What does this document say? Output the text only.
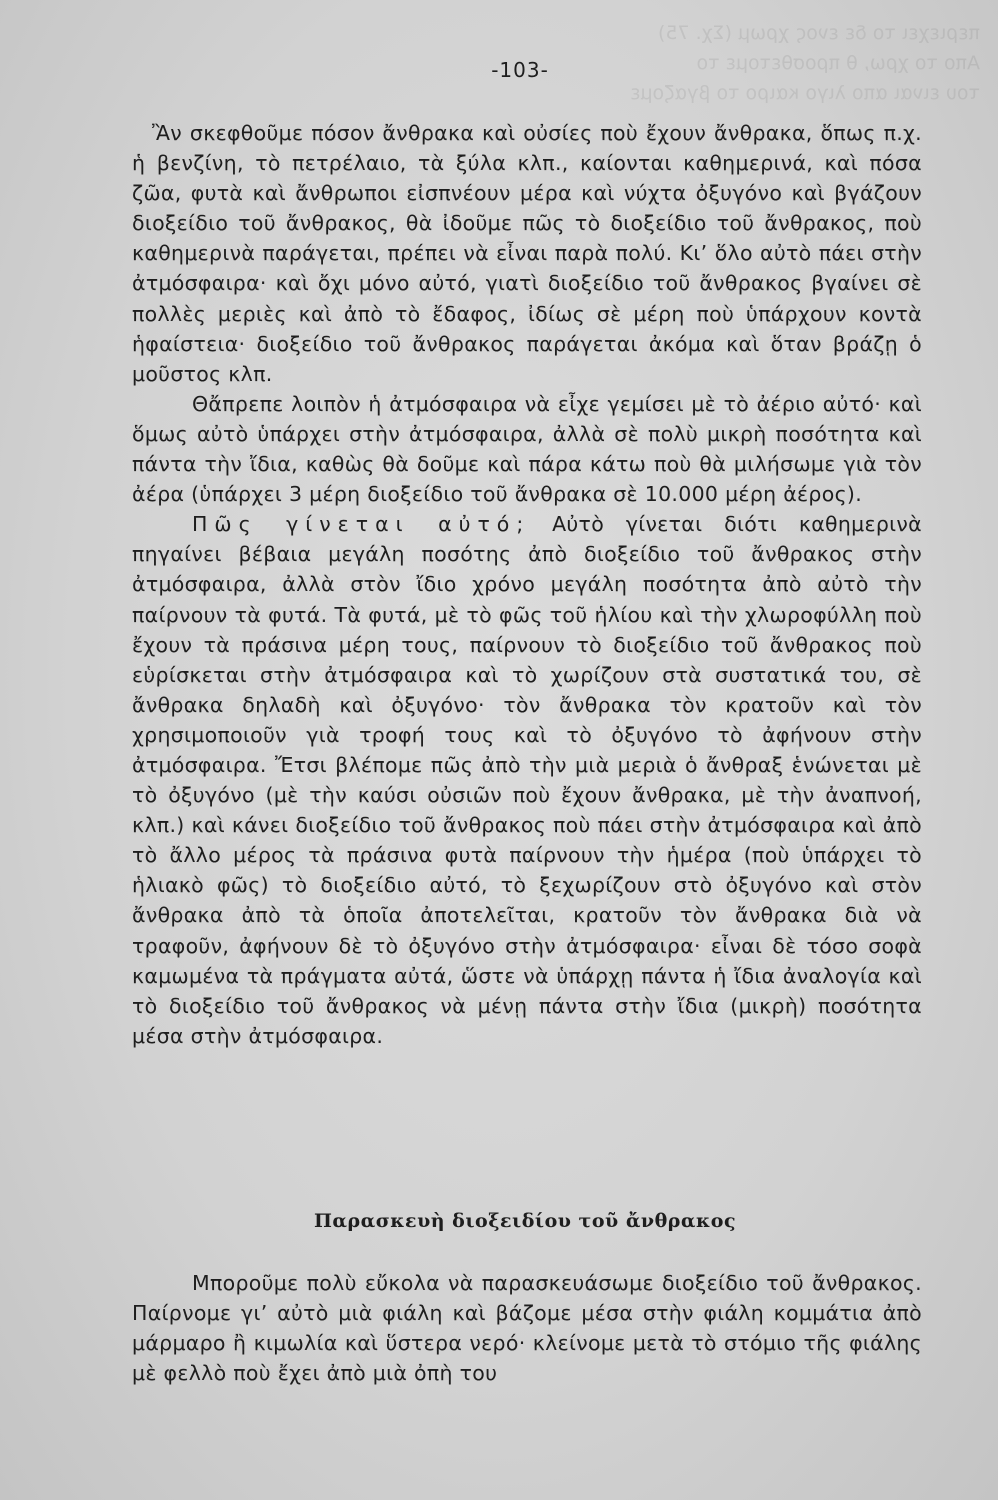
περιεχει το δε ενος χρωμ (Σχ. 75)
Απο το χρω, θ προσθετομε το
του ειναι απο λιγο καιρο το βγαζομε
-103-

Ἂν σκεφθοῦμε πόσον ἄνθρακα καὶ οὐσίες ποὺ ἔχουν ἄνθρακα, ὅπως π.χ. ἡ βενζίνη, τὸ πετρέλαιο, τὰ ξύλα κλπ., καίονται καθημερινά, καὶ πόσα ζῶα, φυτὰ καὶ ἄνθρωποι εἰσπνέουν μέρα καὶ νύχτα ὀξυγόνο καὶ βγάζουν διοξείδιο τοῦ ἄνθρακος, θὰ ἰδοῦμε πῶς τὸ διοξείδιο τοῦ ἄνθρακος, ποὺ καθημερινὰ παράγεται, πρέπει νὰ εἶναι παρὰ πολύ. Κι’ ὅλο αὐτὸ πάει στὴν ἀτμόσφαιρα· καὶ ὄχι μόνο αὐτό, γιατὶ διοξείδιο τοῦ ἄνθρακος βγαίνει σὲ πολλὲς μεριὲς καὶ ἀπὸ τὸ ἔδαφος, ἰδίως σὲ μέρη ποὺ ὑπάρχουν κοντὰ ἡφαίστεια· διοξείδιο τοῦ ἄνθρακος παράγεται ἀκόμα καὶ ὅταν βράζῃ ὁ μοῦστος κλπ.

Θἄπρεπε λοιπὸν ἡ ἀτμόσφαιρα νὰ εἶχε γεμίσει μὲ τὸ ἀέριο αὐτό· καὶ ὅμως αὐτὸ ὑπάρχει στὴν ἀτμόσφαιρα, ἀλλὰ σὲ πολὺ μικρὴ ποσότητα καὶ πάντα τὴν ἴδια, καθὼς θὰ δοῦμε καὶ πάρα κάτω ποὺ θὰ μιλήσωμε γιὰ τὸν ἀέρα (ὑπάρχει 3 μέρη διοξείδιο τοῦ ἄνθρακα σὲ 10.000 μέρη ἀέρος).

Πῶς γίνεται αὐτό; Αὐτὸ γίνεται διότι καθημερινὰ πηγαίνει βέβαια μεγάλη ποσότης ἀπὸ διοξείδιο τοῦ ἄνθρακος στὴν ἀτμόσφαιρα, ἀλλὰ στὸν ἴδιο χρόνο μεγάλη ποσότητα ἀπὸ αὐτὸ τὴν παίρνουν τὰ φυτά. Τὰ φυτά, μὲ τὸ φῶς τοῦ ἡλίου καὶ τὴν χλωροφύλλη ποὺ ἔχουν τὰ πράσινα μέρη τους, παίρνουν τὸ διοξείδιο τοῦ ἄνθρακος ποὺ εὑρίσκεται στὴν ἀτμόσφαιρα καὶ τὸ χωρίζουν στὰ συστατικά του, σὲ ἄνθρακα δηλαδὴ καὶ ὀξυγόνο· τὸν ἄνθρακα τὸν κρατοῦν καὶ τὸν χρησιμοποιοῦν γιὰ τροφή τους καὶ τὸ ὀξυγόνο τὸ ἀφήνουν στὴν ἀτμόσφαιρα. Ἔτσι βλέπομε πῶς ἀπὸ τὴν μιὰ μεριὰ ὁ ἄνθραξ ἑνώνεται μὲ τὸ ὀξυγόνο (μὲ τὴν καύσι οὐσιῶν ποὺ ἔχουν ἄνθρακα, μὲ τὴν ἀναπνοή, κλπ.) καὶ κάνει διοξείδιο τοῦ ἄνθρακος ποὺ πάει στὴν ἀτμόσφαιρα καὶ ἀπὸ τὸ ἄλλο μέρος τὰ πράσινα φυτὰ παίρνουν τὴν ἡμέρα (ποὺ ὑπάρχει τὸ ἡλιακὸ φῶς) τὸ διοξείδιο αὐτό, τὸ ξεχωρίζουν στὸ ὀξυγόνο καὶ στὸν ἄνθρακα ἀπὸ τὰ ὁποῖα ἀποτελεῖται, κρατοῦν τὸν ἄνθρακα διὰ νὰ τραφοῦν, ἀφήνουν δὲ τὸ ὀξυγόνο στὴν ἀτμόσφαιρα· εἶναι δὲ τόσο σοφὰ καμωμένα τὰ πράγματα αὐτά, ὥστε νὰ ὑπάρχῃ πάντα ἡ ἴδια ἀναλογία καὶ τὸ διοξείδιο τοῦ ἄνθρακος νὰ μένῃ πάντα στὴν ἴδια (μικρὴ) ποσότητα μέσα στὴν ἀτμόσφαιρα.

Παρασκευὴ διοξειδίου τοῦ ἄνθρακος

Μποροῦμε πολὺ εὔκολα νὰ παρασκευάσωμε διοξείδιο τοῦ ἄνθρακος. Παίρνομε γι’ αὐτὸ μιὰ φιάλη καὶ βάζομε μέσα στὴν φιάλη κομμάτια ἀπὸ μάρμαρο ἢ κιμωλία καὶ ὕστερα νερό· κλείνομε μετὰ τὸ στόμιο τῆς φιάλης μὲ φελλὸ ποὺ ἔχει ἀπὸ μιὰ ὀπὴ του
